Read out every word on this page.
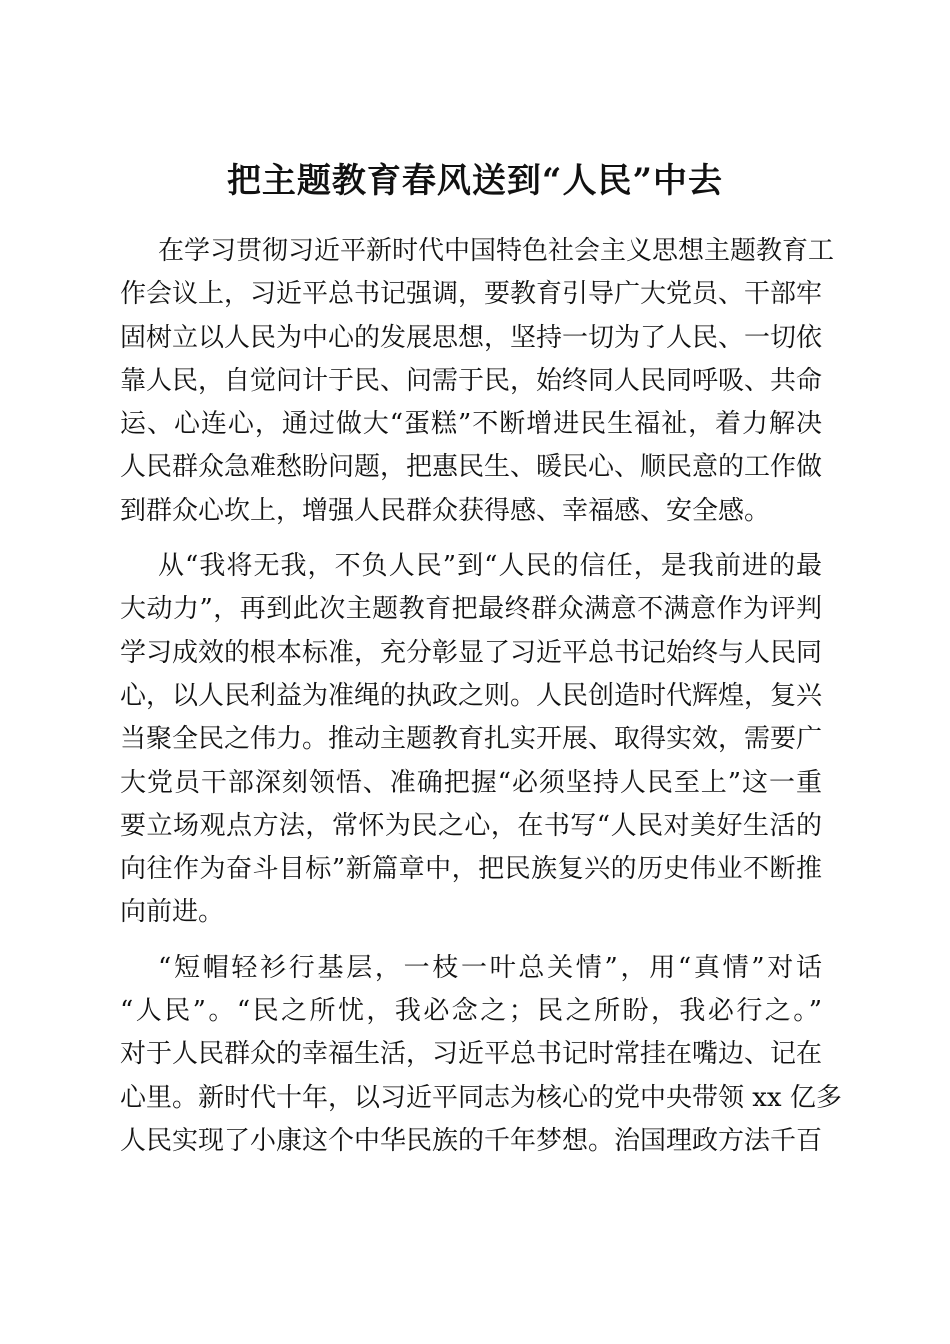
把主题教育春风送到“人民”中去
在学习贯彻习近平新时代中国特色社会主义思想主题教育工
作会议上，习近平总书记强调，要教育引导广大党员、干部牢
固树立以人民为中心的发展思想，坚持一切为了人民、一切依
靠人民，自觉问计于民、问需于民，始终同人民同呼吸、共命
运、心连心，通过做大“蛋糕”不断增进民生福祉，着力解决
人民群众急难愁盼问题，把惠民生、暖民心、顺民意的工作做
到群众心坎上，增强人民群众获得感、幸福感、安全感。
从“我将无我，不负人民”到“人民的信任，是我前进的最
大动力”，再到此次主题教育把最终群众满意不满意作为评判
学习成效的根本标准，充分彰显了习近平总书记始终与人民同
心，以人民利益为准绳的执政之则。人民创造时代辉煌，复兴
当聚全民之伟力。推动主题教育扎实开展、取得实效，需要广
大党员干部深刻领悟、准确把握“必须坚持人民至上”这一重
要立场观点方法，常怀为民之心，在书写“人民对美好生活的
向往作为奋斗目标”新篇章中，把民族复兴的历史伟业不断推
向前进。
“短帽轻衫行基层，一枝一叶总关情”，用“真情”对话
“人民”。“民之所忧，我必念之；民之所盼，我必行之。”
对于人民群众的幸福生活，习近平总书记时常挂在嘴边、记在
心里。新时代十年，以习近平同志为核心的党中央带领 xx 亿多
人民实现了小康这个中华民族的千年梦想。治国理政方法千百
